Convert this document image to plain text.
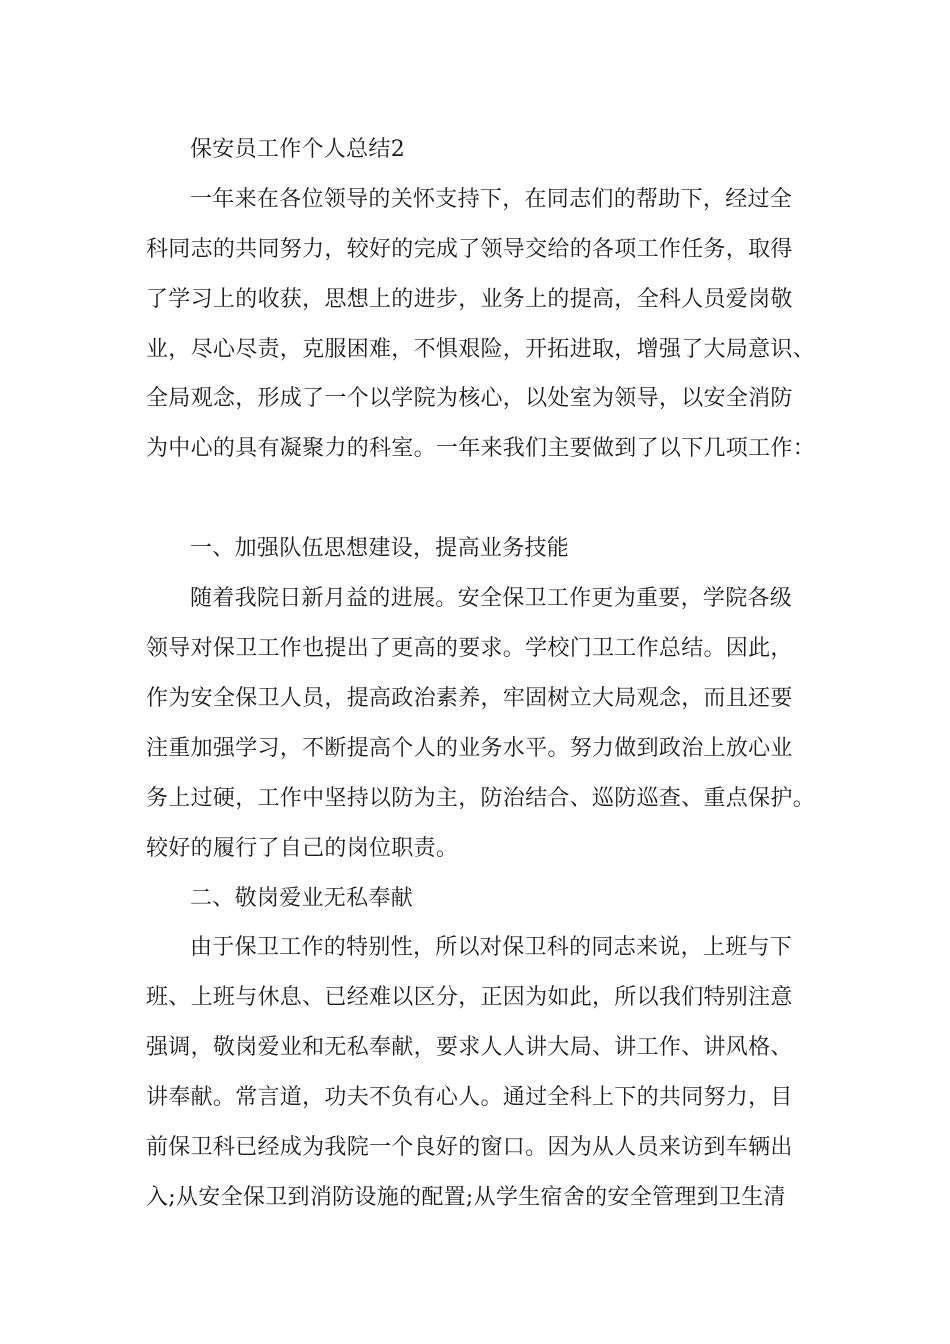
保安员工作个人总结2
一年来在各位领导的关怀支持下，在同志们的帮助下，经过全
科同志的共同努力，较好的完成了领导交给的各项工作任务，取得
了学习上的收获，思想上的进步，业务上的提高，全科人员爱岗敬
业，尽心尽责，克服困难，不惧艰险，开拓进取，增强了大局意识、
全局观念，形成了一个以学院为核心，以处室为领导，以安全消防
为中心的具有凝聚力的科室。一年来我们主要做到了以下几项工作：
一、加强队伍思想建设，提高业务技能
随着我院日新月益的进展。安全保卫工作更为重要，学院各级
领导对保卫工作也提出了更高的要求。学校门卫工作总结。因此，
作为安全保卫人员，提高政治素养，牢固树立大局观念，而且还要
注重加强学习，不断提高个人的业务水平。努力做到政治上放心业
务上过硬，工作中坚持以防为主，防治结合、巡防巡查、重点保护。
较好的履行了自己的岗位职责。
二、敬岗爱业无私奉献
由于保卫工作的特别性，所以对保卫科的同志来说，上班与下
班、上班与休息、已经难以区分，正因为如此，所以我们特别注意
强调，敬岗爱业和无私奉献，要求人人讲大局、讲工作、讲风格、
讲奉献。常言道，功夫不负有心人。通过全科上下的共同努力，目
前保卫科已经成为我院一个良好的窗口。因为从人员来访到车辆出
入;从安全保卫到消防设施的配置;从学生宿舍的安全管理到卫生清
